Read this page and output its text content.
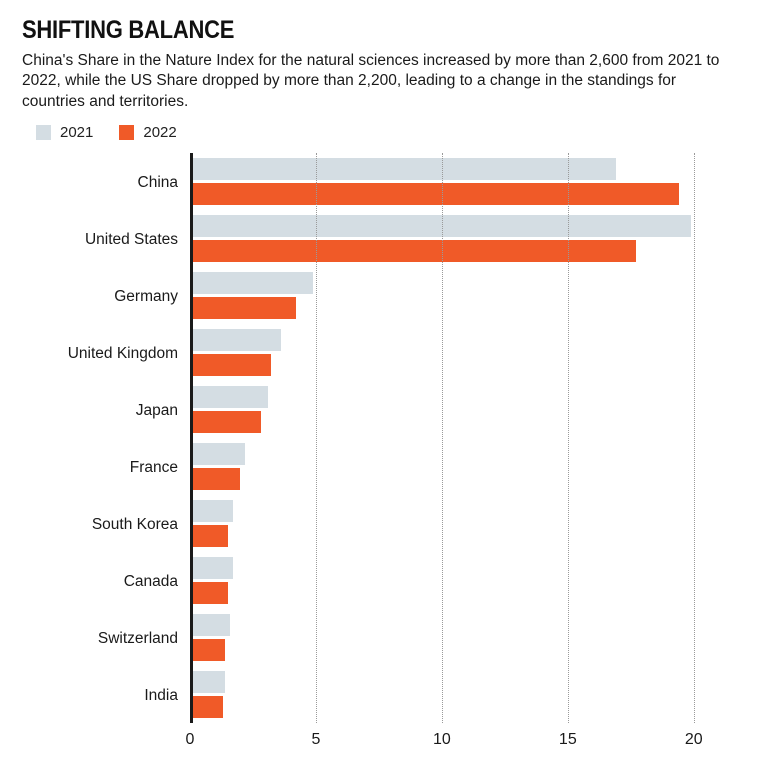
SHIFTING BALANCE
China's Share in the Nature Index for the natural sciences increased by more than 2,600 from 2021 to 2022, while the US Share dropped by more than 2,200, leading to a change in the standings for countries and territories.
2021	2022
China
United States
Germany
United Kingdom
Japan
France
South Korea
Canada
Switzerland
India
0	5	10	15	20
